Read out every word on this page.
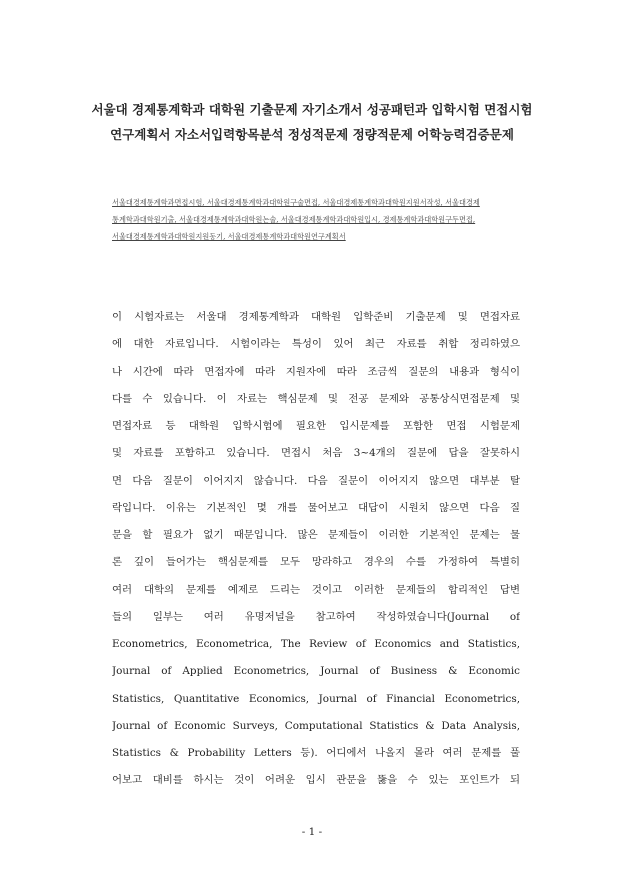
서울대 경제통계학과 대학원 기출문제 자기소개서 성공패턴과 입학시험 면접시험
연구계획서 자소서입력항목분석 정성적문제 정량적문제 어학능력검증문제
서울대경제통계학과면접시험, 서울대경제통계학과대학원구술면접, 서울대경제통계학과대학원지원서작성, 서울대경제
통계학과대학원기출, 서울대경제통계학과대학원논술, 서울대경제통계학과대학원입시, 경제통계학과대학원구두면접,
서울대경제통계학과대학원지원동기, 서울대경제통계학과대학원연구계획서
이 시험자료는 서울대 경제통계학과 대학원 입학준비 기출문제 및 면접자료
에 대한 자료입니다. 시험이라는 특성이 있어 최근 자료를 취합 정리하였으
나 시간에 따라 면접자에 따라 지원자에 따라 조금씩 질문의 내용과 형식이
다를 수 있습니다. 이 자료는 핵심문제 및 전공 문제와 공통상식면접문제 및
면접자료 등 대학원 입학시험에 필요한 입시문제를 포함한 면접 시험문제
및 자료를 포함하고 있습니다. 면접시 처음 3~4개의 질문에 답을 잘못하시
면 다음 질문이 이어지지 않습니다. 다음 질문이 이어지지 않으면 대부분 탈
락입니다. 이유는 기본적인 몇 개를 물어보고 대답이 시원치 않으면 다음 질
문을 할 필요가 없기 때문입니다. 많은 문제들이 이러한 기본적인 문제는 물
론 깊이 들어가는 핵심문제를 모두 망라하고 경우의 수를 가정하여 특별히
여러 대학의 문제를 예제로 드리는 것이고 이러한 문제들의 합리적인 답변
들의 일부는 여러 유명저널을 참고하여 작성하였습니다(Journal of
Econometrics, Econometrica, The Review of Economics and Statistics,
Journal of Applied Econometrics, Journal of Business & Economic
Statistics, Quantitative Economics, Journal of Financial Econometrics,
Journal of Economic Surveys, Computational Statistics & Data Analysis,
Statistics & Probability Letters 등). 어디에서 나올지 몰라 여러 문제를 풀
어보고 대비를 하시는 것이 어려운 입시 관문을 뚫을 수 있는 포인트가 되
- 1 -
